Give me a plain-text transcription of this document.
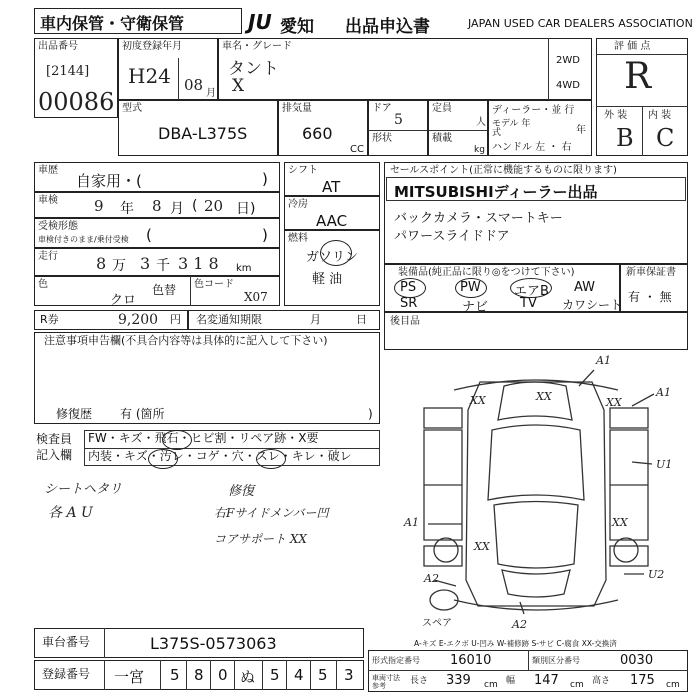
車内保管・守衛保管	JU 愛知 出品申込書	JAPAN USED CAR DEALERS ASSOCIATION
出品番号
[2144]
00086
初度登録年月
H24 08 月
車名・グレード
タント
X
2WD
4WD
評 価 点
R
外 装 内 装
B C
型式
DBA-L375S
排気量
660
CC
ドア
5
形状
定員
人
積載
kg
ディーラー・並 行
モデル 年式	年
ハンドル 左 ・ 右
車歴
自家用・(	)
車検 9 年 8 月 ( 20 日)
受検形態
車検付きのまま/乗付受検 (	)
走行 8 万 3 千 3 1 8 km
色
クロ
色替 色コード
X07
シフト
AT
冷房
AAC
燃料
ガソリン
軽 油
セールスポイント(正常に機能するものに限ります)
MITSUBISHIディーラー出品
バックカメラ・スマートキー
パワースライドドア
装備品(純正品に限り◎をつけて下さい)
PS	PW	エアB AW
SR	ナビ TV カワシート
新車保証書
有 ・ 無
R券	9,200 円 名変通知期限	月	日 後目品
注意事項申告欄(不具合内容等は具体的に記入して下さい)
修復歴 有 (箇所	)
検査員
記入欄
FW・キズ・飛石・ヒビ割・リペア跡・X要
内装・キズ・汚レ・コゲ・穴・スレ・キレ・破レ
シートヘタリ
各 A U
修復
右Fサイドメンバー凹
コアサポート XX
A1
A1
XX	XX	XX
U1
A1	XX
XX
A2	U2
スペア	A2
A-キズ E-エクボ U-凹み W-補修跡 S-サビ C-腐食 XX-交換済
車台番号	L375S-0573063
登録番号 一宮 5 8 0 ぬ 5 4 5 3
形式指定番号 16010	類別区分番号	0030
車両寸法 参考	長さ 339 cm 幅 147 cm 高さ 175 cm
